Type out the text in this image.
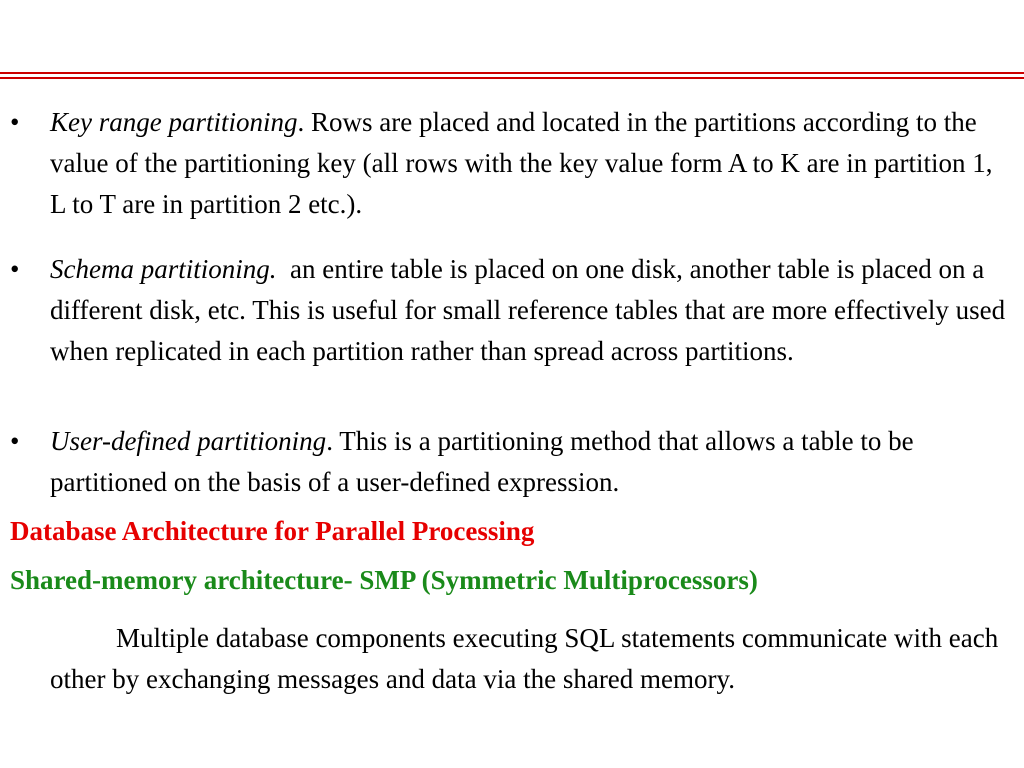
•	Key range partitioning. Rows are placed and located in the partitions according to the value of the partitioning key (all rows with the key value form A to K are in partition 1, L to T are in partition 2 etc.).
•	Schema partitioning.  an entire table is placed on one disk, another table is placed on a different disk, etc. This is useful for small reference tables that are more effectively used when replicated in each partition rather than spread across partitions.
•	User-defined partitioning. This is a partitioning method that allows a table to be partitioned on the basis of a user-defined expression.
Database Architecture for Parallel Processing
Shared-memory architecture- SMP (Symmetric Multiprocessors)
Multiple database components executing SQL statements communicate with each other by exchanging messages and data via the shared memory.
